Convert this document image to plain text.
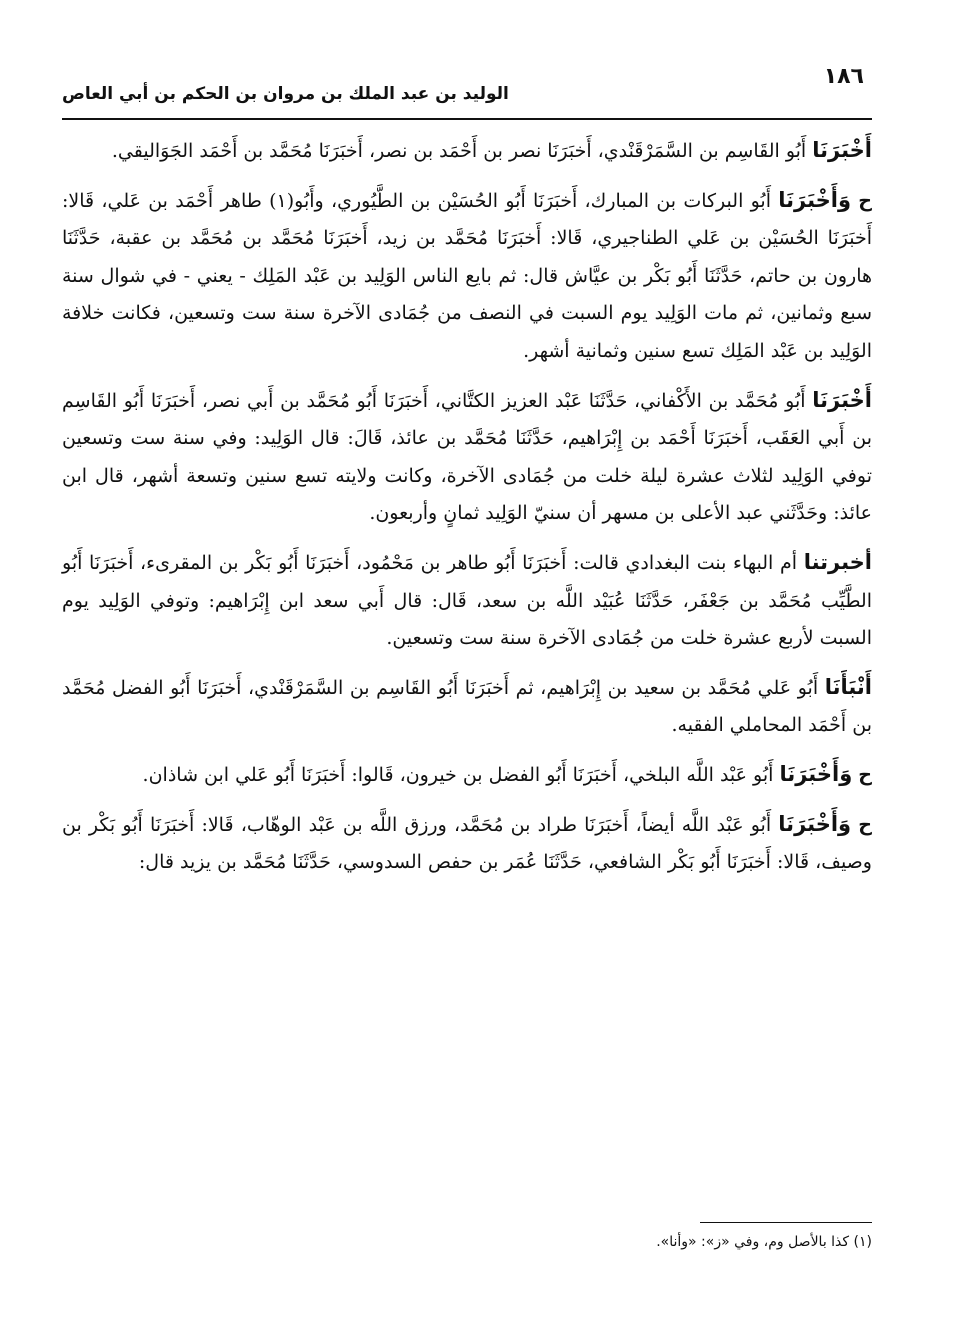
١٨٦
الوليد بن عبد الملك بن مروان بن الحكم بن أبي العاص

أَخْبَرَنَا أَبُو القَاسِم بن السَّمَرْقَنْدي، أَخبَرَنَا نصر بن أَحْمَد بن نصر، أَخبَرَنَا مُحَمَّد بن أَحْمَد الجَوَاليقي.

ح وَأَخْبَرَنَا أَبُو البركات بن المبارك، أَخبَرَنَا أَبُو الحُسَيْن بن الطَّيُوري، وأَبُو(١) طاهر أَحْمَد بن عَلي، قَالا: أَخبَرَنَا الحُسَيْن بن عَلي الطناجيري، قَالا: أَخبَرَنَا مُحَمَّد بن زيد، أَخبَرَنَا مُحَمَّد بن مُحَمَّد بن عقبة، حَدَّثَنَا هارون بن حاتم، حَدَّثَنَا أَبُو بَكْر بن عيَّاش قال: ثم بايع الناس الوَلِيد بن عَبْد المَلِك - يعني - في شوال سنة سبع وثمانين، ثم مات الوَلِيد يوم السبت في النصف من جُمَادى الآخرة سنة ست وتسعين، فكانت خلافة الوَلِيد بن عَبْد المَلِك تسع سنين وثمانية أشهر.

أَخْبَرَنَا أَبُو مُحَمَّد بن الأَكْفاني، حَدَّثَنَا عَبْد العزيز الكتَّاني، أَخبَرَنَا أَبُو مُحَمَّد بن أَبي نصر، أَخبَرَنَا أَبُو القَاسِم بن أَبي العَقَب، أَخبَرَنَا أَحْمَد بن إِبْرَاهيم، حَدَّثَنَا مُحَمَّد بن عائذ، قَالَ: قال الوَلِيد: وفي سنة ست وتسعين توفي الوَلِيد لثلاث عشرة ليلة خلت من جُمَادى الآخرة، وكانت ولايته تسع سنين وتسعة أشهر، قال ابن عائذ: وحَدَّثَني عبد الأعلى بن مسهر أن سنيّ الوَلِيد ثمانٍ وأربعون.

أخبرتنا أم البهاء بنت البغدادي قالت: أَخبَرَنَا أَبُو طاهر بن مَحْمُود، أَخبَرَنَا أَبُو بَكْر بن المقرىء، أَخبَرَنَا أَبُو الطَّيِّب مُحَمَّد بن جَعْفَر، حَدَّثَنَا عُبَيْد اللَّه بن سعد، قَال: قال أَبي سعد ابن إِبْرَاهيم: وتوفي الوَلِيد يوم السبت لأربع عشرة خلت من جُمَادى الآخرة سنة ست وتسعين.

أَنْبَأَنَا أَبُو عَلي مُحَمَّد بن سعيد بن إِبْرَاهيم، ثم أَخبَرَنَا أَبُو القَاسِم بن السَّمَرْقَنْدي، أَخبَرَنَا أَبُو الفضل مُحَمَّد بن أَحْمَد المحاملي الفقيه.

ح وَأَخْبَرَنَا أَبُو عَبْد اللَّه البلخي، أَخبَرَنَا أَبُو الفضل بن خيرون، قَالوا: أَخبَرَنَا أَبُو عَلي ابن شاذان.

ح وَأَخْبَرَنَا أَبُو عَبْد اللَّه أيضاً، أَخبَرَنَا طراد بن مُحَمَّد، ورزق اللَّه بن عَبْد الوهّاب، قَالا: أَخبَرَنَا أَبُو بَكْر بن وصيف، قَالا: أَخبَرَنَا أَبُو بَكْر الشافعي، حَدَّثَنَا عُمَر بن حفص السدوسي، حَدَّثَنَا مُحَمَّد بن يزيد قال:

(١) كذا بالأصل وم، وفي «ز»: «وأنا».
